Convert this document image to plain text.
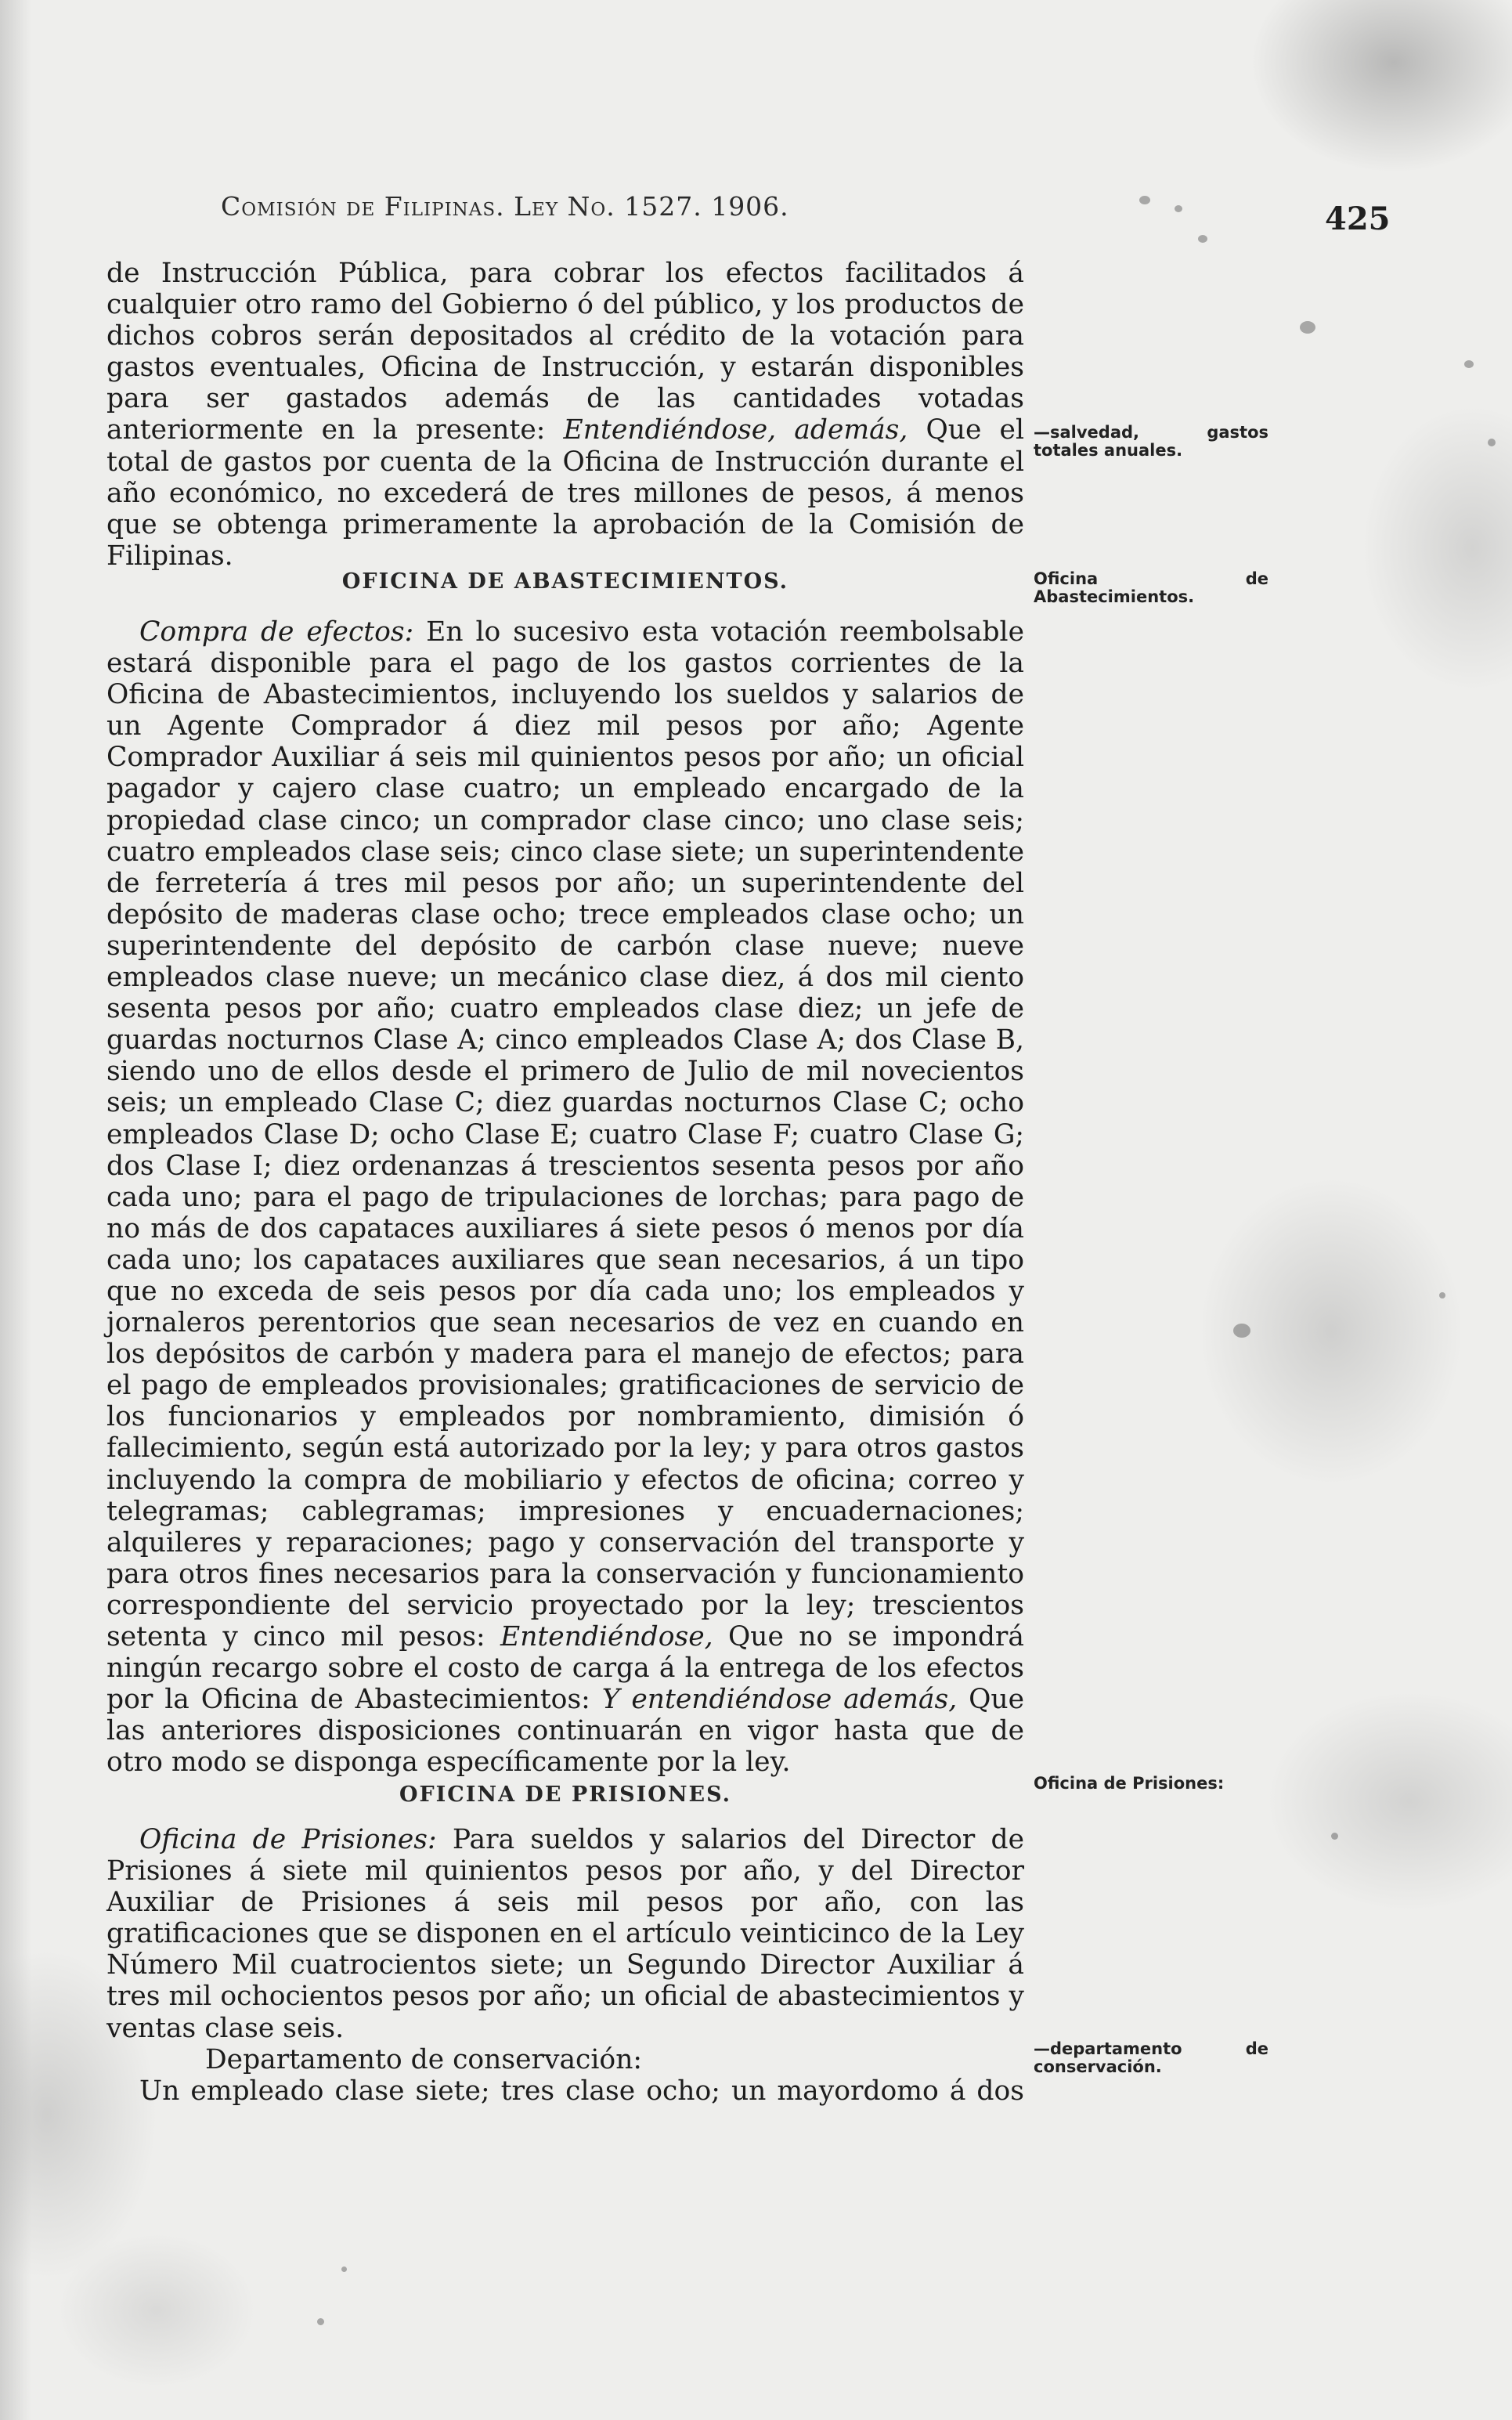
Comisión de Filipinas. Ley No. 1527. 1906.	425

de Instrucción Pública, para cobrar los efectos facilitados á cualquier otro ramo del Gobierno ó del público, y los productos de dichos cobros serán depositados al crédito de la votación para gastos eventuales, Oficina de Instrucción, y estarán disponibles para ser gastados además de las cantidades votadas anteriormente en la presente: Entendiéndose, además, Que el total de gastos por cuenta de la Oficina de Instrucción durante el año económico, no excederá de tres millones de pesos, á menos que se obtenga primeramente la aprobación de la Comisión de Filipinas.

OFICINA DE ABASTECIMIENTOS.

Compra de efectos: En lo sucesivo esta votación reembolsable estará disponible para el pago de los gastos corrientes de la Oficina de Abastecimientos, incluyendo los sueldos y salarios de un Agente Comprador á diez mil pesos por año; Agente Comprador Auxiliar á seis mil quinientos pesos por año; un oficial pagador y cajero clase cuatro; un empleado encargado de la propiedad clase cinco; un comprador clase cinco; uno clase seis; cuatro empleados clase seis; cinco clase siete; un superintendente de ferretería á tres mil pesos por año; un superintendente del depósito de maderas clase ocho; trece empleados clase ocho; un superintendente del depósito de carbón clase nueve; nueve empleados clase nueve; un mecánico clase diez, á dos mil ciento sesenta pesos por año; cuatro empleados clase diez; un jefe de guardas nocturnos Clase A; cinco empleados Clase A; dos Clase B, siendo uno de ellos desde el primero de Julio de mil novecientos seis; un empleado Clase C; diez guardas nocturnos Clase C; ocho empleados Clase D; ocho Clase E; cuatro Clase F; cuatro Clase G; dos Clase I; diez ordenanzas á trescientos sesenta pesos por año cada uno; para el pago de tripulaciones de lorchas; para pago de no más de dos capataces auxiliares á siete pesos ó menos por día cada uno; los capataces auxiliares que sean necesarios, á un tipo que no exceda de seis pesos por día cada uno; los empleados y jornaleros perentorios que sean necesarios de vez en cuando en los depósitos de carbón y madera para el manejo de efectos; para el pago de empleados provisionales; gratificaciones de servicio de los funcionarios y empleados por nombramiento, dimisión ó fallecimiento, según está autorizado por la ley; y para otros gastos incluyendo la compra de mobiliario y efectos de oficina; correo y telegramas; cablegramas; impresiones y encuadernaciones; alquileres y reparaciones; pago y conservación del transporte y para otros fines necesarios para la conservación y funcionamiento correspondiente del servicio proyectado por la ley; trescientos setenta y cinco mil pesos: Entendiéndose, Que no se impondrá ningún recargo sobre el costo de carga á la entrega de los efectos por la Oficina de Abastecimientos: Y entendiéndose además, Que las anteriores disposiciones continuarán en vigor hasta que de otro modo se disponga específicamente por la ley.

OFICINA DE PRISIONES.

Oficina de Prisiones: Para sueldos y salarios del Director de Prisiones á siete mil quinientos pesos por año, y del Director Auxiliar de Prisiones á seis mil pesos por año, con las gratificaciones que se disponen en el artículo veinticinco de la Ley Número Mil cuatrocientos siete; un Segundo Director Auxiliar á tres mil ochocientos pesos por año; un oficial de abastecimientos y ventas clase seis.

Departamento de conservación:

Un empleado clase siete; tres clase ocho; un mayordomo á dos

—salvedad, gastos totales anuales.
Oficina de Abastecimientos.
Oficina de Prisiones:
—departamento de conservación.
